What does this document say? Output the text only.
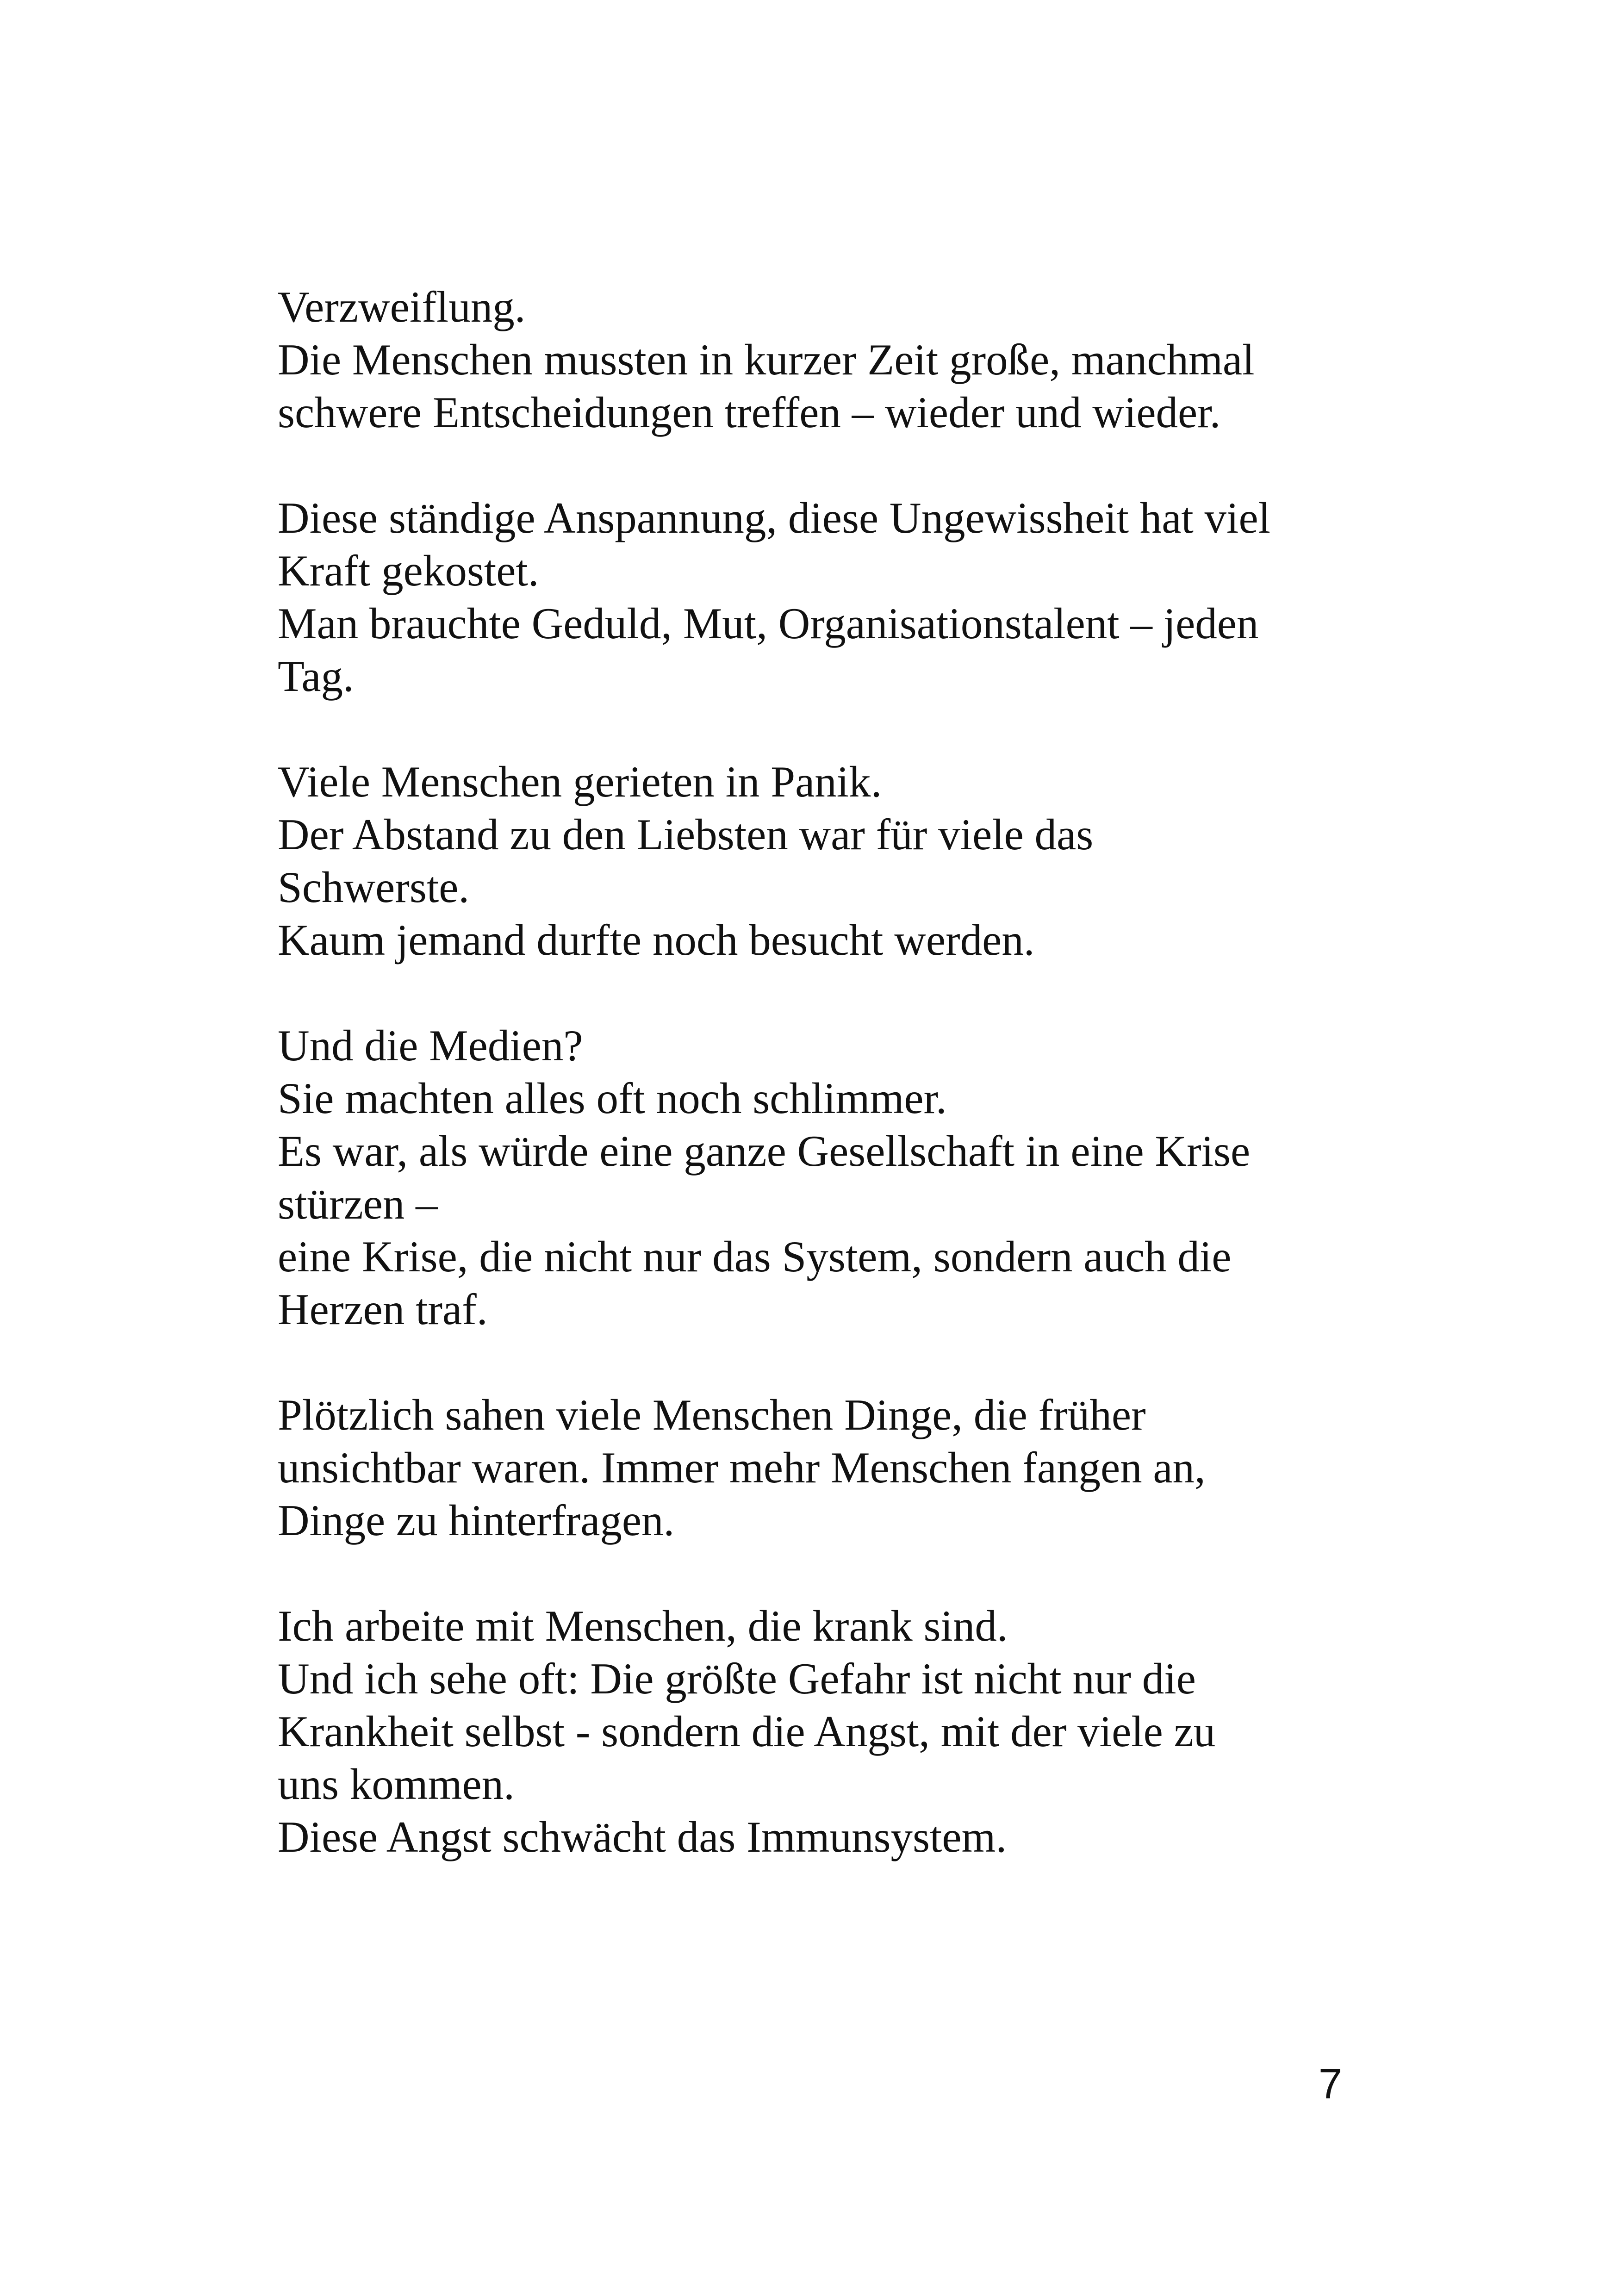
Verzweiflung.
Die Menschen mussten in kurzer Zeit große, manchmal
schwere Entscheidungen treffen – wieder und wieder.

Diese ständige Anspannung, diese Ungewissheit hat viel
Kraft gekostet.
Man brauchte Geduld, Mut, Organisationstalent – jeden
Tag.

Viele Menschen gerieten in Panik.
Der Abstand zu den Liebsten war für viele das
Schwerste.
Kaum jemand durfte noch besucht werden.

Und die Medien?
Sie machten alles oft noch schlimmer.
Es war, als würde eine ganze Gesellschaft in eine Krise
stürzen –
eine Krise, die nicht nur das System, sondern auch die
Herzen traf.

Plötzlich sahen viele Menschen Dinge, die früher
unsichtbar waren. Immer mehr Menschen fangen an,
Dinge zu hinterfragen.

Ich arbeite mit Menschen, die krank sind.
Und ich sehe oft: Die größte Gefahr ist nicht nur die
Krankheit selbst - sondern die Angst, mit der viele zu
uns kommen.
Diese Angst schwächt das Immunsystem.

7
